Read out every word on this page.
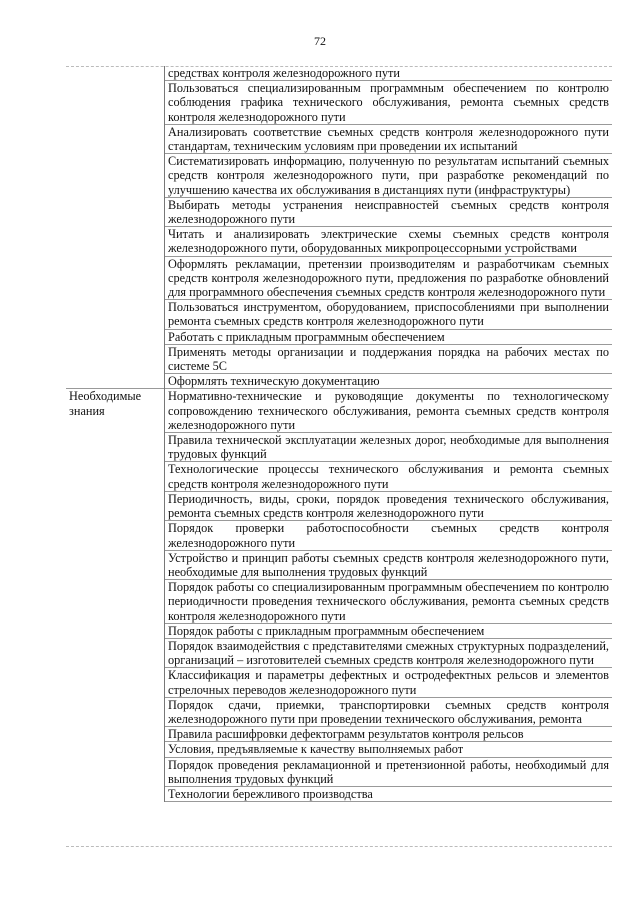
72
	средствах контроля железнодорожного пути
	Пользоваться специализированным программным обеспечением по контролю соблюдения графика технического обслуживания, ремонта съемных средств контроля железнодорожного пути
	Анализировать соответствие съемных средств контроля железнодорожного пути стандартам, техническим условиям при проведении их испытаний
	Систематизировать информацию, полученную по результатам испытаний съемных средств контроля железнодорожного пути, при разработке рекомендаций по улучшению качества их обслуживания в дистанциях пути (инфраструктуры)
	Выбирать методы устранения неисправностей съемных средств контроля железнодорожного пути
	Читать и анализировать электрические схемы съемных средств контроля железнодорожного пути, оборудованных микропроцессорными устройствами
	Оформлять рекламации, претензии производителям и разработчикам съемных средств контроля железнодорожного пути, предложения по разработке обновлений для программного обеспечения съемных средств контроля железнодорожного пути
	Пользоваться инструментом, оборудованием, приспособлениями при выполнении ремонта съемных средств контроля железнодорожного пути
	Работать с прикладным программным обеспечением
	Применять методы организации и поддержания порядка на рабочих местах по системе 5С
	Оформлять техническую документацию
Необходимые знания	Нормативно-технические и руководящие документы по технологическому сопровождению технического обслуживания, ремонта съемных средств контроля железнодорожного пути
	Правила технической эксплуатации железных дорог, необходимые для выполнения трудовых функций
	Технологические процессы технического обслуживания и ремонта съемных средств контроля железнодорожного пути
	Периодичность, виды, сроки, порядок проведения технического обслуживания, ремонта съемных средств контроля железнодорожного пути
	Порядок проверки работоспособности съемных средств контроля железнодорожного пути
	Устройство и принцип работы съемных средств контроля железнодорожного пути, необходимые для выполнения трудовых функций
	Порядок работы со специализированным программным обеспечением по контролю периодичности проведения технического обслуживания, ремонта съемных средств контроля железнодорожного пути
	Порядок работы с прикладным программным обеспечением
	Порядок взаимодействия с представителями смежных структурных подразделений, организаций – изготовителей съемных средств контроля железнодорожного пути
	Классификация и параметры дефектных и остродефектных рельсов и элементов стрелочных переводов железнодорожного пути
	Порядок сдачи, приемки, транспортировки съемных средств контроля железнодорожного пути при проведении технического обслуживания, ремонта
	Правила расшифровки дефектограмм результатов контроля рельсов
	Условия, предъявляемые к качеству выполняемых работ
	Порядок проведения рекламационной и претензионной работы, необходимый для выполнения трудовых функций
	Технологии бережливого производства
